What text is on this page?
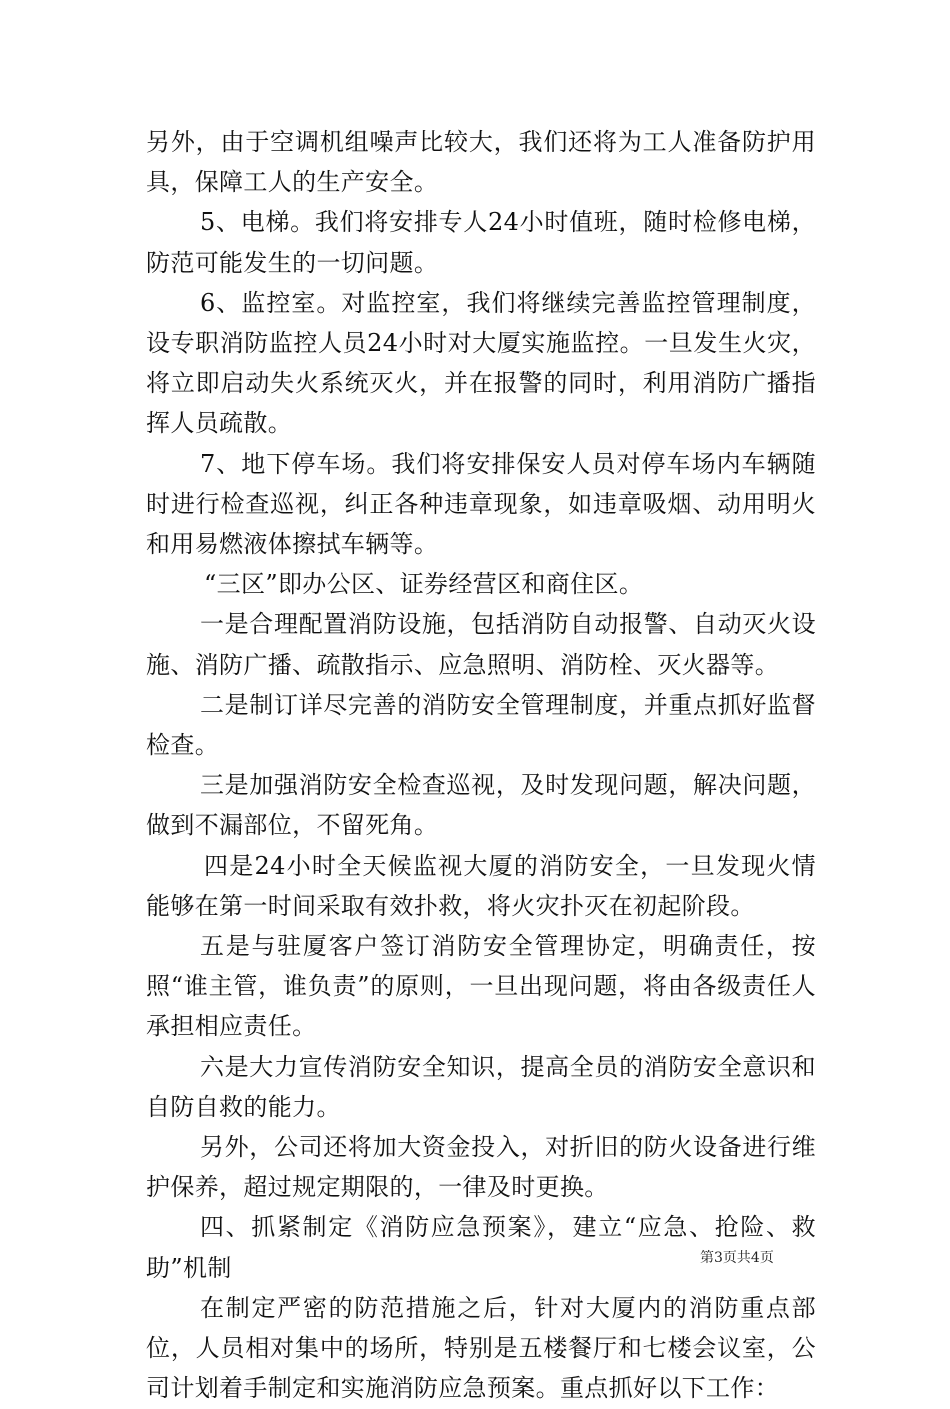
另外，由于空调机组噪声比较大，我们还将为工人准备防护用具，保障工人的生产安全。

5、电梯。我们将安排专人24小时值班，随时检修电梯，防范可能发生的一切问题。

6、监控室。对监控室，我们将继续完善监控管理制度，设专职消防监控人员24小时对大厦实施监控。一旦发生火灾，将立即启动失火系统灭火，并在报警的同时，利用消防广播指挥人员疏散。

7、地下停车场。我们将安排保安人员对停车场内车辆随时进行检查巡视，纠正各种违章现象，如违章吸烟、动用明火和用易燃液体擦拭车辆等。

“三区”即办公区、证券经营区和商住区。

一是合理配置消防设施，包括消防自动报警、自动灭火设施、消防广播、疏散指示、应急照明、消防栓、灭火器等。

二是制订详尽完善的消防安全管理制度，并重点抓好监督检查。

三是加强消防安全检查巡视，及时发现问题，解决问题，做到不漏部位，不留死角。

四是24小时全天候监视大厦的消防安全，一旦发现火情能够在第一时间采取有效扑救，将火灾扑灭在初起阶段。

五是与驻厦客户签订消防安全管理协定，明确责任，按照“谁主管，谁负责”的原则，一旦出现问题，将由各级责任人承担相应责任。

六是大力宣传消防安全知识，提高全员的消防安全意识和自防自救的能力。

另外，公司还将加大资金投入，对折旧的防火设备进行维护保养，超过规定期限的，一律及时更换。

四、抓紧制定《消防应急预案》，建立“应急、抢险、救助”机制

在制定严密的防范措施之后，针对大厦内的消防重点部位，人员相对集中的场所，特别是五楼餐厅和七楼会议室，公司计划着手制定和实施消防应急预案。重点抓好以下工作：

第3页共4页
